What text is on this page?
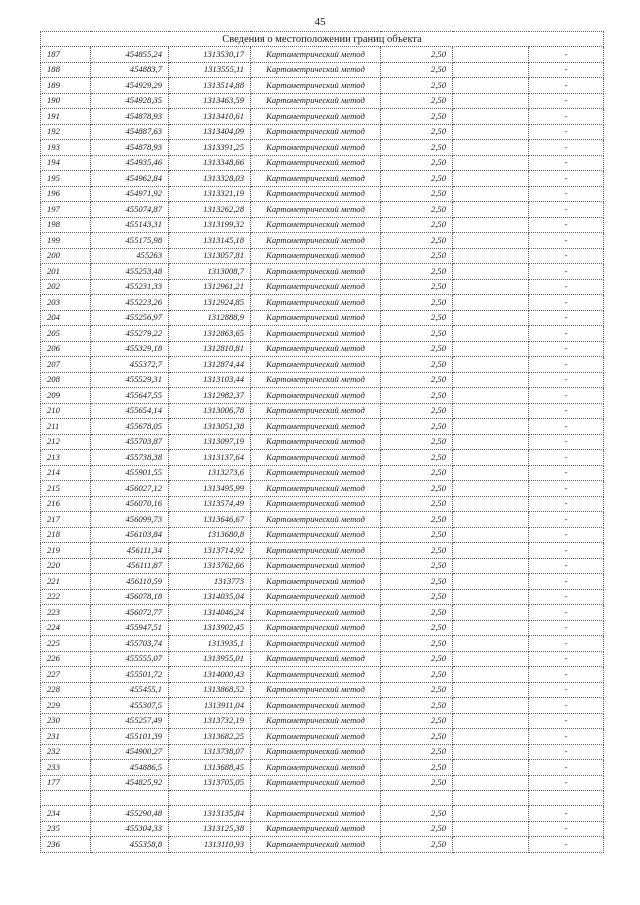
45
Сведения о местоположении границ объекта						
187	454855,24	1313530,17	Картометрический метод	2,50		-
188	454883,7	1313555,11	Картометрический метод	2,50		-
189	454929,29	1313514,88	Картометрический метод	2,50		-
190	454928,35	1313463,59	Картометрический метод	2,50		-
191	454878,93	1313410,61	Картометрический метод	2,50		-
192	454887,63	1313404,09	Картометрический метод	2,50		-
193	454878,93	1313391,25	Картометрический метод	2,50		-
194	454935,46	1313348,66	Картометрический метод	2,50		-
195	454962,84	1313328,03	Картометрический метод	2,50		-
196	454971,92	1313321,19	Картометрический метод	2,50		-
197	455074,87	1313262,28	Картометрический метод	2,50		-
198	455143,31	1313199,32	Картометрический метод	2,50		-
199	455175,98	1313145,18	Картометрический метод	2,50		-
200	455263	1313057,81	Картометрический метод	2,50		-
201	455253,48	1313008,7	Картометрический метод	2,50		-
202	455231,33	1312961,21	Картометрический метод	2,50		-
203	455223,26	1312924,85	Картометрический метод	2,50		-
204	455256,97	1312888,9	Картометрический метод	2,50		-
205	455279,22	1312863,65	Картометрический метод	2,50		-
206	455329,18	1312810,81	Картометрический метод	2,50		-
207	455372,7	1312874,44	Картометрический метод	2,50		-
208	455529,31	1313103,44	Картометрический метод	2,50		-
209	455647,55	1312982,37	Картометрический метод	2,50		-
210	455654,14	1313006,78	Картометрический метод	2,50		-
211	455678,05	1313051,38	Картометрический метод	2,50		-
212	455703,87	1313097,19	Картометрический метод	2,50		-
213	455738,38	1313137,64	Картометрический метод	2,50		-
214	455901,55	1313273,6	Картометрический метод	2,50		-
215	456027,12	1313495,99	Картометрический метод	2,50		-
216	456070,16	1313574,49	Картометрический метод	2,50		-
217	456099,73	1313646,67	Картометрический метод	2,50		-
218	456103,84	1313680,8	Картометрический метод	2,50		-
219	456111,34	1313714,92	Картометрический метод	2,50		-
220	456111,87	1313762,66	Картометрический метод	2,50		-
221	456110,59	1313773	Картометрический метод	2,50		-
222	456078,18	1314035,04	Картометрический метод	2,50		-
223	456072,77	1314046,24	Картометрический метод	2,50		-
224	455947,51	1313902,45	Картометрический метод	2,50		-
225	455703,74	1313935,1	Картометрический метод	2,50		-
226	455555,07	1313955,01	Картометрический метод	2,50		-
227	455501,72	1314000,43	Картометрический метод	2,50		-
228	455455,1	1313868,52	Картометрический метод	2,50		-
229	455307,5	1313911,04	Картометрический метод	2,50		-
230	455257,49	1313732,19	Картометрический метод	2,50		-
231	455101,39	1313682,25	Картометрический метод	2,50		-
232	454900,27	1313738,07	Картометрический метод	2,50		-
233	454886,5	1313688,45	Картометрический метод	2,50		-
177	454825,92	1313705,05	Картометрический метод	2,50		-

234	455290,48	1313135,84	Картометрический метод	2,50		-
235	455304,33	1313125,38	Картометрический метод	2,50		-
236	455358,8	1313110,93	Картометрический метод	2,50		-
